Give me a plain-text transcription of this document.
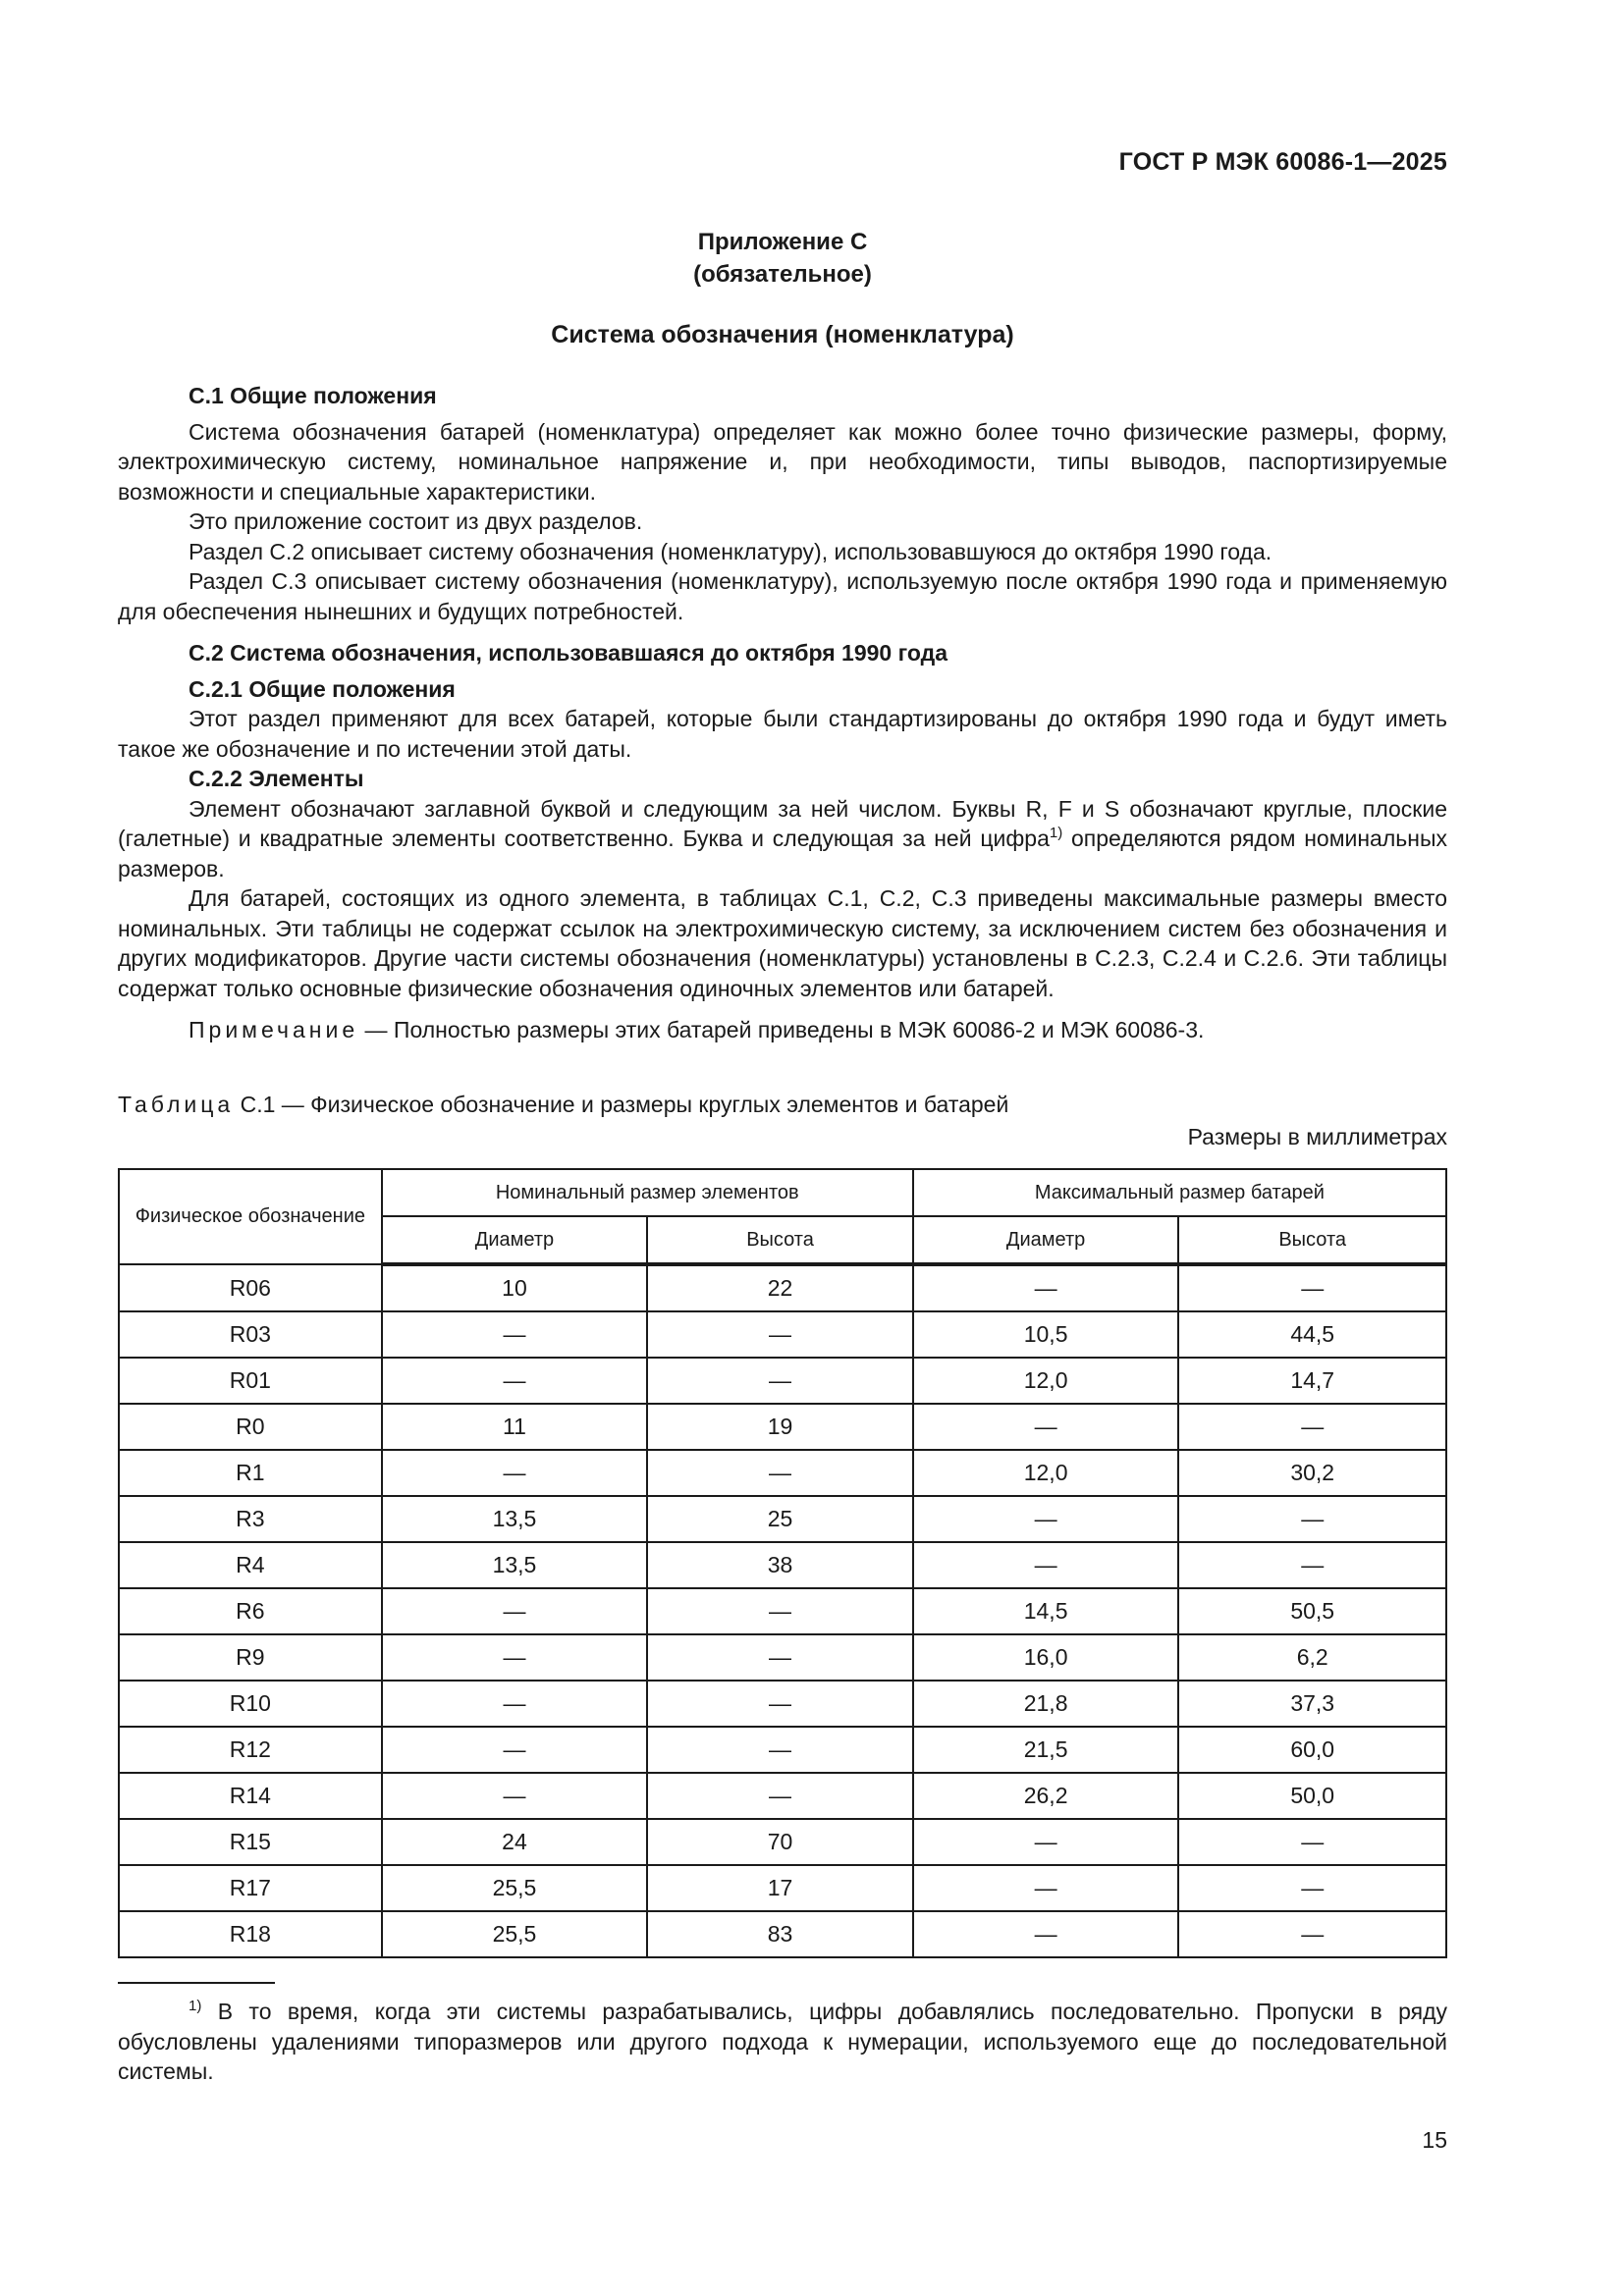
ГОСТ Р МЭК 60086-1—2025
Приложение С
(обязательное)
Система обозначения (номенклатура)

С.1 Общие положения

Система обозначения батарей (номенклатура) определяет как можно более точно физические размеры, форму, электрохимическую систему, номинальное напряжение и, при необходимости, типы выводов, паспортизируемые возможности и специальные характеристики.

Это приложение состоит из двух разделов.

Раздел С.2 описывает систему обозначения (номенклатуру), использовавшуюся до октября 1990 года.

Раздел С.3 описывает систему обозначения (номенклатуру), используемую после октября 1990 года и применяемую для обеспечения нынешних и будущих потребностей.

С.2 Система обозначения, использовавшаяся до октября 1990 года

С.2.1 Общие положения

Этот раздел применяют для всех батарей, которые были стандартизированы до октября 1990 года и будут иметь такое же обозначение и по истечении этой даты.

С.2.2 Элементы

Элемент обозначают заглавной буквой и следующим за ней числом. Буквы R, F и S обозначают круглые, плоские (галетные) и квадратные элементы соответственно. Буква и следующая за ней цифра$^{1)}$ определяются рядом номинальных размеров.

Для батарей, состоящих из одного элемента, в таблицах С.1, С.2, С.3 приведены максимальные размеры вместо номинальных. Эти таблицы не содержат ссылок на электрохимическую систему, за исключением систем без обозначения и других модификаторов. Другие части системы обозначения (номенклатуры) установлены в С.2.3, С.2.4 и С.2.6. Эти таблицы содержат только основные физические обозначения одиночных элементов или батарей.

Примечание — Полностью размеры этих батарей приведены в МЭК 60086-2 и МЭК 60086-3.

Таблица С.1 — Физическое обозначение и размеры круглых элементов и батарей
Размеры в миллиметрах
Физическое обозначение	Номинальный размер элементов		Максимальный размер батарей	
	Диаметр	Высота	Диаметр	Высота
R06	10	22	—	—
R03	—	—	10,5	44,5
R01	—	—	12,0	14,7
R0	11	19	—	—
R1	—	—	12,0	30,2
R3	13,5	25	—	—
R4	13,5	38	—	—
R6	—	—	14,5	50,5
R9	—	—	16,0	6,2
R10	—	—	21,8	37,3
R12	—	—	21,5	60,0
R14	—	—	26,2	50,0
R15	24	70	—	—
R17	25,5	17	—	—
R18	25,5	83	—	—
$^{1)}$ В то время, когда эти системы разрабатывались, цифры добавлялись последовательно. Пропуски в ряду обусловлены удалениями типоразмеров или другого подхода к нумерации, используемого еще до последовательной системы.
15
